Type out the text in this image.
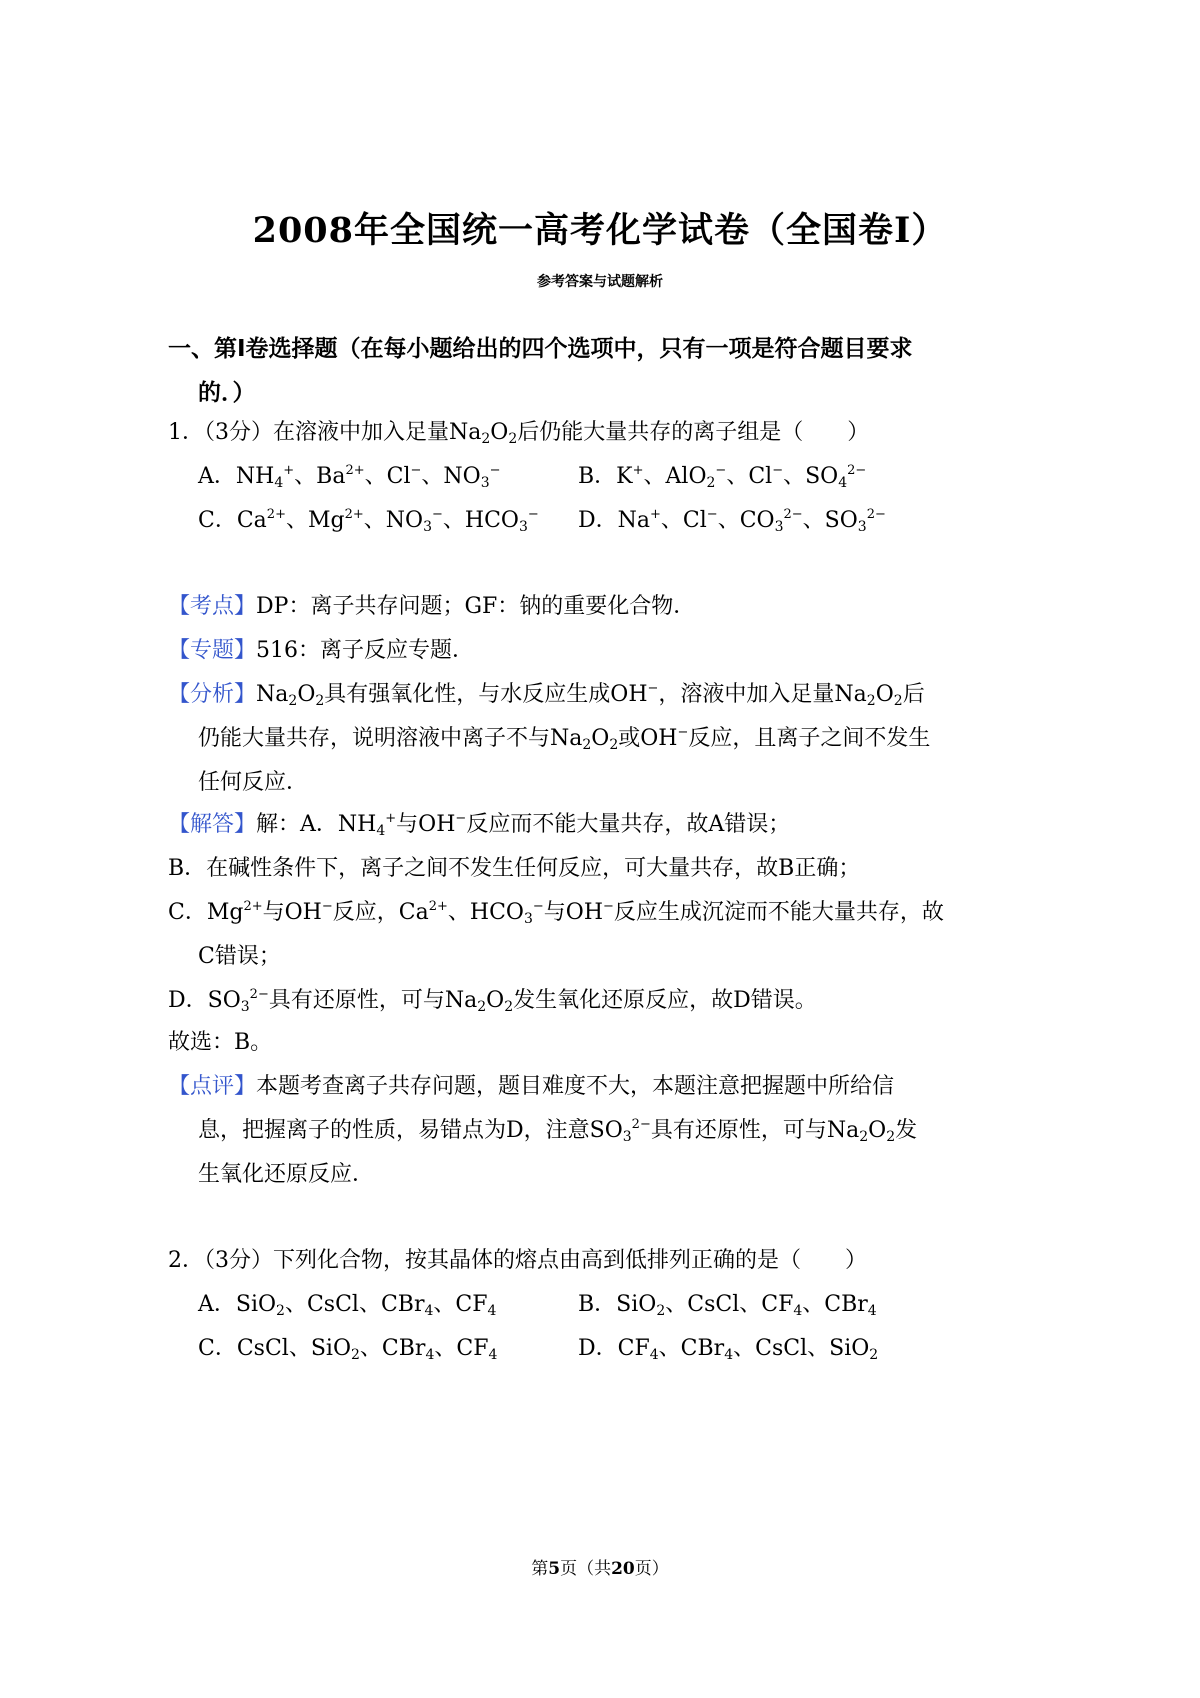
2008年全国统一高考化学试卷（全国卷I）
参考答案与试题解析
一、第I卷选择题（在每小题给出的四个选项中，只有一项是符合题目要求
的．）
1．（3分）在溶液中加入足量$Na_2O_2$后仍能大量共存的离子组是（　　）
A．$NH_4^+$、$Ba^{2+}$、Cl−、$NO_3^-$	B．K+、AlO$_2$−、Cl−、$SO_4^{2-}$
C．$Ca^{2+}$、$Mg^{2+}$、$NO_3^-$、$HCO_3^-$ D．Na+、Cl−、$CO_3^{2-}$、$SO_3^{2-}$
【考点】DP：离子共存问题；GF：钠的重要化合物．
【专题】516：离子反应专题．
【分析】$Na_2O_2$具有强氧化性，与水反应生成OH−，溶液中加入足量$Na_2O_2$后
仍能大量共存，说明溶液中离子不与$Na_2O_2$或OH−反应，且离子之间不发生
任何反应．
【解答】解：A．$NH_4^+$与OH−反应而不能大量共存，故A错误；
B．在碱性条件下，离子之间不发生任何反应，可大量共存，故B正确；
C．$Mg^{2+}$与OH−反应，$Ca^{2+}$、$HCO_3^-$与OH−反应生成沉淀而不能大量共存，故
C错误；
D．$SO_3^{2-}$具有还原性，可与$Na_2O_2$发生氧化还原反应，故D错误。
故选：B。
【点评】本题考查离子共存问题，题目难度不大，本题注意把握题中所给信
息，把握离子的性质，易错点为D，注意$SO_3^{2-}$具有还原性，可与$Na_2O_2$发
生氧化还原反应．
2．（3分）下列化合物，按其晶体的熔点由高到低排列正确的是（　　）
A．SiO$_2$、CsCl、CBr$_4$、$CF_4$	B．SiO$_2$、CsCl、$CF_4$、CBr$_4$
C．CsCl、SiO$_2$、CBr$_4$、$CF_4$	D．$CF_4$、CBr$_4$、CsCl、SiO$_2$
第5页（共20页）
